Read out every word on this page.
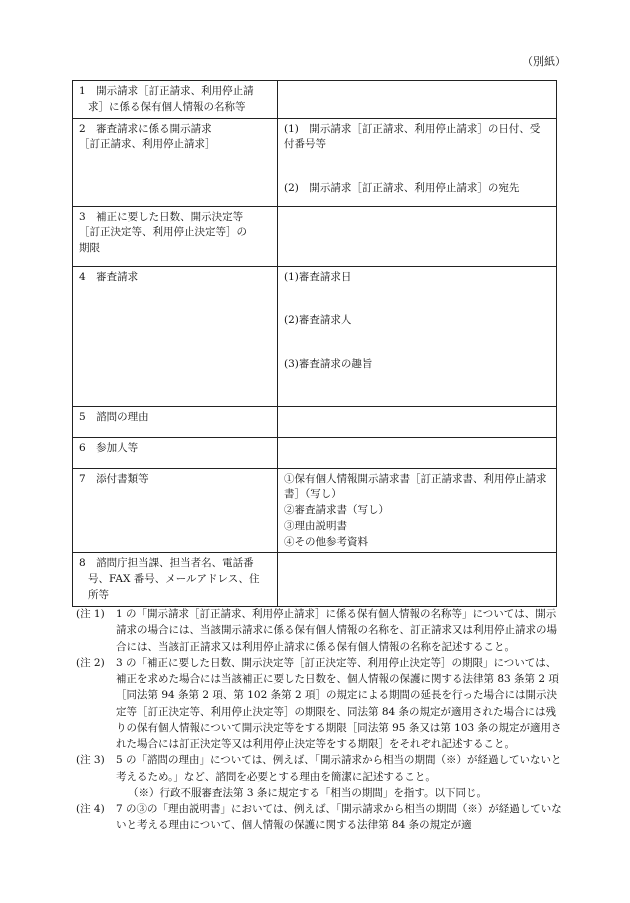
（別紙）
1　開示請求［訂正請求、利用停止請
求］に係る保有個人情報の名称等	

2　審査請求に係る開示請求
［訂正請求、利用停止請求］	(1)　開示請求［訂正請求、利用停止請求］の日付、受付番号等
(2)　開示請求［訂正請求、利用停止請求］の宛先

3　補正に要した日数、開示決定等
［訂正決定等、利用停止決定等］の
期限	

4　審査請求	(1)審査請求日
(2)審査請求人
(3)審査請求の趣旨

5　諮問の理由	

6　参加人等	

7　添付書類等	①保有個人情報開示請求書［訂正請求書、利用停止請求書］（写し）
②審査請求書（写し）
③理由説明書
④その他参考資料

8　諮問庁担当課、担当者名、電話番
号、FAX 番号、メールアドレス、住
所等	

(注 1) 1 の「開示請求［訂正請求、利用停止請求］に係る保有個人情報の名称等」については、開示請求の場合には、当該開示請求に係る保有個人情報の名称を、訂正請求又は利用停止請求の場合には、当該訂正請求又は利用停止請求に係る保有個人情報の名称を記述すること。

(注 2) 3 の「補正に要した日数、開示決定等［訂正決定等、利用停止決定等］の期限」については、補正を求めた場合には当該補正に要した日数を、個人情報の保護に関する法律第 83 条第 2 項［同法第 94 条第 2 項、第 102 条第 2 項］の規定による期間の延長を行った場合には開示決定等［訂正決定等、利用停止決定等］の期限を、同法第 84 条の規定が適用された場合には残りの保有個人情報について開示決定等をする期限［同法第 95 条又は第 103 条の規定が適用された場合には訂正決定等又は利用停止決定等をする期限］をそれぞれ記述すること。

(注 3) 5 の「諮問の理由」については、例えば、「開示請求から相当の期間（※）が経過していないと考えるため。」など、諮問を必要とする理由を簡潔に記述すること。

（※）行政不服審査法第 3 条に規定する「相当の期間」を指す。以下同じ。

(注 4) 7 の③の「理由説明書」においては、例えば、「開示請求から相当の期間（※）が経過していないと考える理由について、個人情報の保護に関する法律第 84 条の規定が適
